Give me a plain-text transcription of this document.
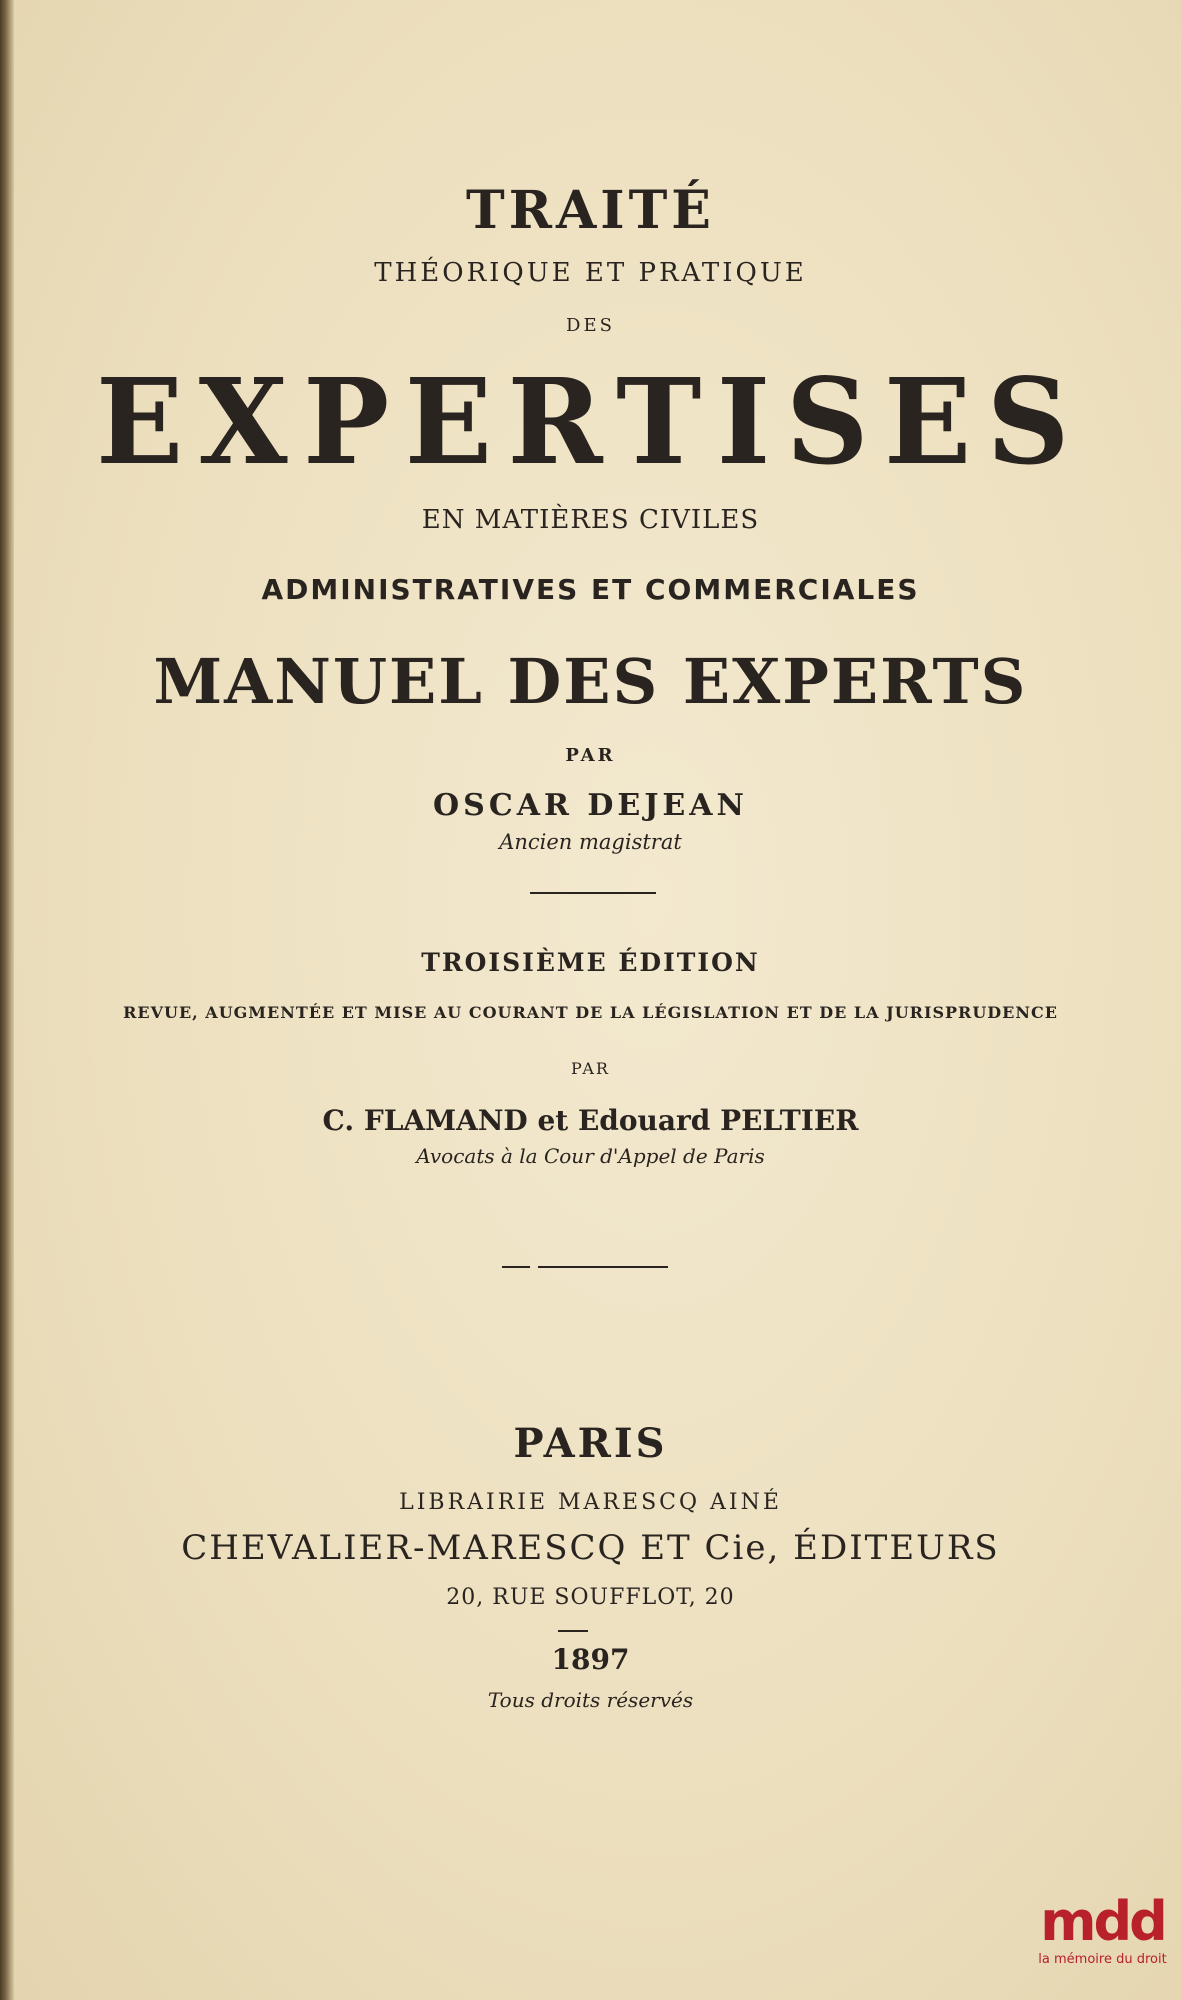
TRAITÉ
THÉORIQUE ET PRATIQUE
DES
EXPERTISES
EN MATIÈRES CIVILES
ADMINISTRATIVES ET COMMERCIALES
MANUEL DES EXPERTS
PAR
OSCAR DEJEAN
Ancien magistrat
TROISIÈME ÉDITION
REVUE, AUGMENTÉE ET MISE AU COURANT DE LA LÉGISLATION ET DE LA JURISPRUDENCE
PAR
C. FLAMAND et Edouard PELTIER
Avocats à la Cour d'Appel de Paris
PARIS
LIBRAIRIE MARESCQ AINÉ
CHEVALIER-MARESCQ ET Cie, ÉDITEURS
20, RUE SOUFFLOT, 20
1897
Tous droits réservés
mdd
la mémoire du droit
